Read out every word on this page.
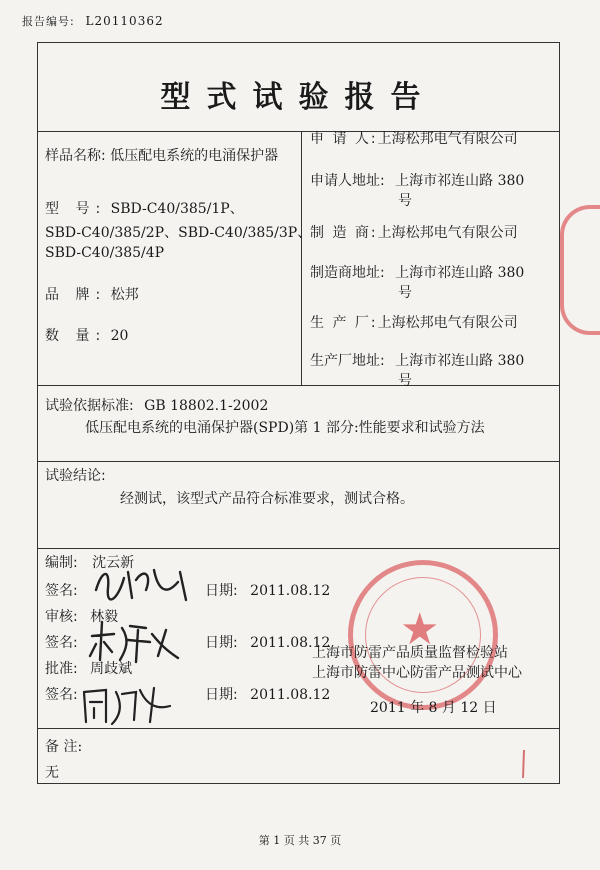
报告编号: L20110362
型式试验报告
样品名称: 低压配电系统的电涌保护器
型 号: SBD-C40/385/1P、
SBD-C40/385/2P、SBD-C40/385/3P、
SBD-C40/385/4P
品 牌: 松邦
数 量: 20
申 请 人:上海松邦电气有限公司
申请人地址: 上海市祁连山路 380
号
制 造 商:上海松邦电气有限公司
制造商地址: 上海市祁连山路 380
号
生 产 厂:上海松邦电气有限公司
生产厂地址: 上海市祁连山路 380
号
试验依据标准: GB 18802.1-2002
低压配电系统的电涌保护器(SPD)第 1 部分:性能要求和试验方法
试验结论:
经测试，该型式产品符合标准要求，测试合格。
编制: 沈云新
签名:	日期: 2011.08.12
审核: 林毅
签名:	日期: 2011.08.12
批准: 周歧斌
签名:	日期: 2011.08.12
★
上海市防雷产品质量监督检验站
上海市防雷中心防雷产品测试中心
2011 年 8 月 12 日
备 注:
无
第 1 页 共 37 页
